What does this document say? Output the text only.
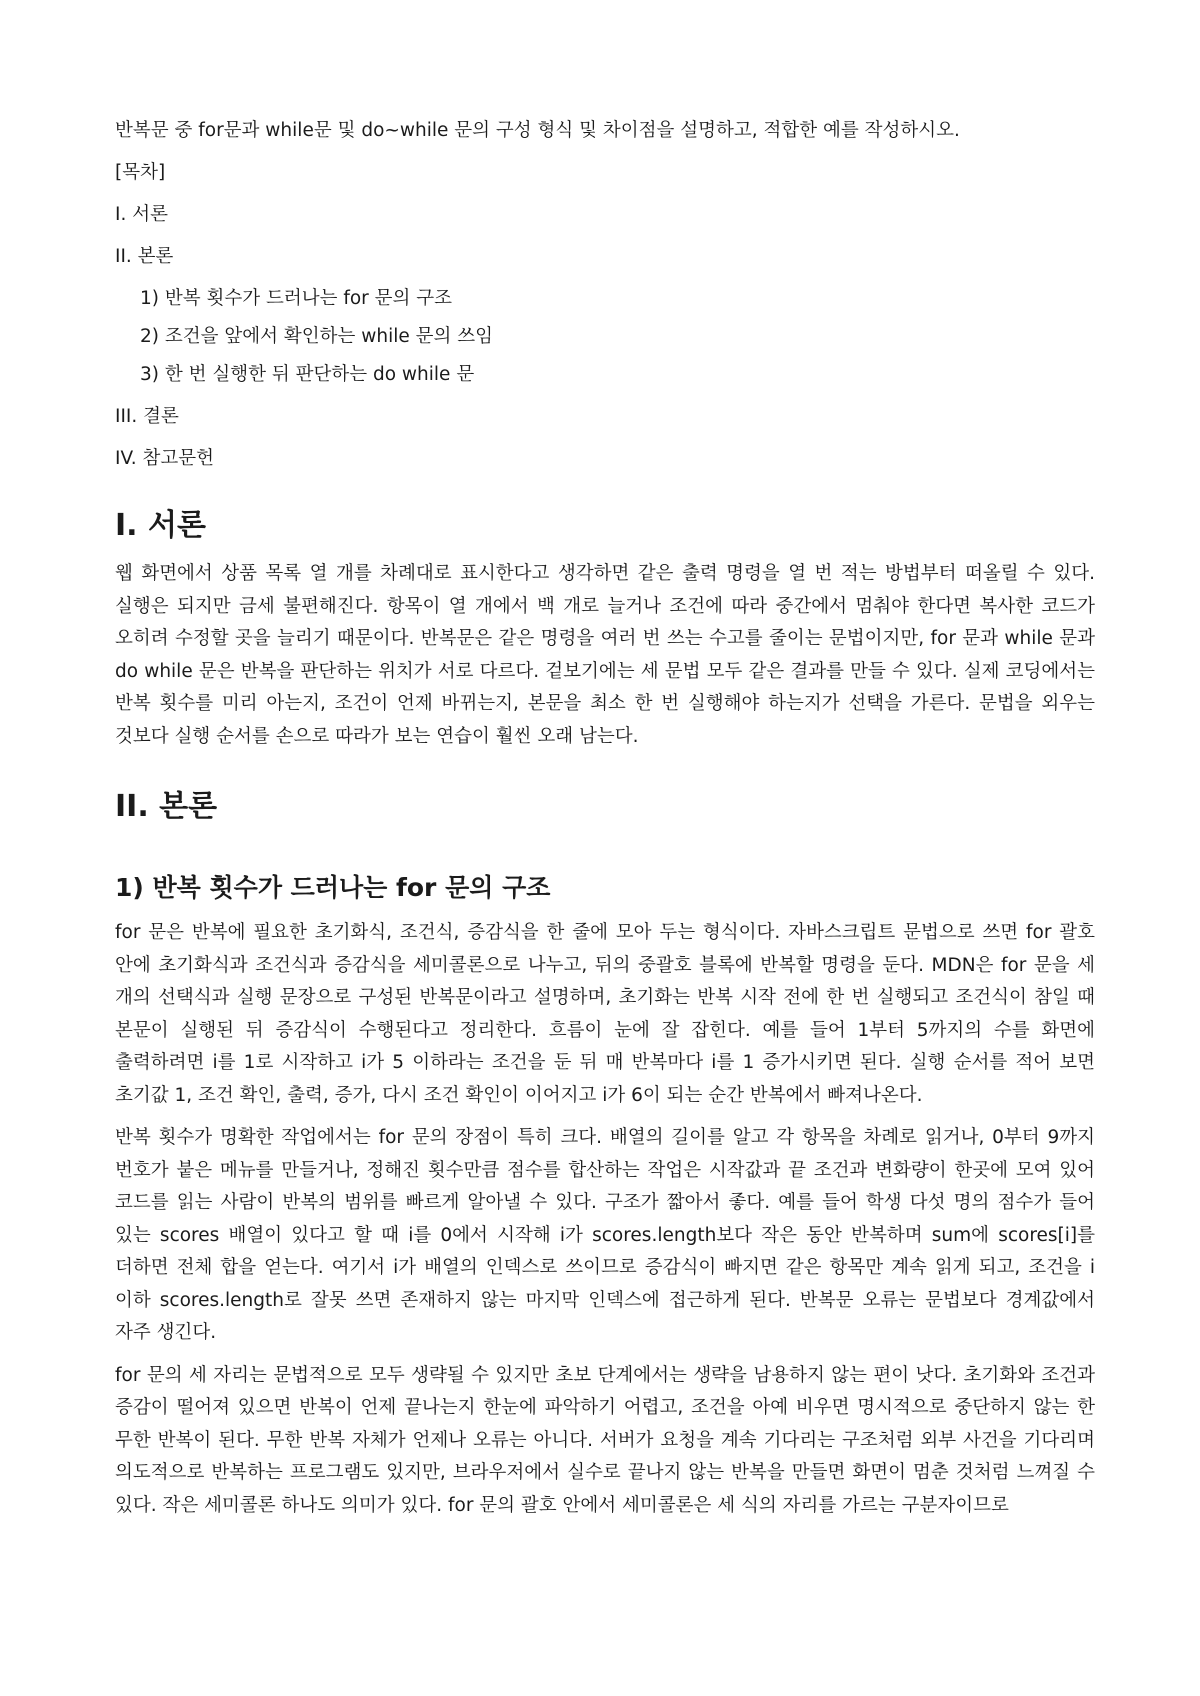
반복문 중 for문과 while문 및 do~while 문의 구성 형식 및 차이점을 설명하고, 적합한 예를 작성하시오.

[목차]

I. 서론

II. 본론

1) 반복 횟수가 드러나는 for 문의 구조

2) 조건을 앞에서 확인하는 while 문의 쓰임

3) 한 번 실행한 뒤 판단하는 do while 문

III. 결론

IV. 참고문헌

I. 서론

웹 화면에서 상품 목록 열 개를 차례대로 표시한다고 생각하면 같은 출력 명령을 열 번 적는 방법부터 떠올릴 수 있다. 실행은 되지만 금세 불편해진다. 항목이 열 개에서 백 개로 늘거나 조건에 따라 중간에서 멈춰야 한다면 복사한 코드가 오히려 수정할 곳을 늘리기 때문이다. 반복문은 같은 명령을 여러 번 쓰는 수고를 줄이는 문법이지만, for 문과 while 문과 do while 문은 반복을 판단하는 위치가 서로 다르다. 겉보기에는 세 문법 모두 같은 결과를 만들 수 있다. 실제 코딩에서는 반복 횟수를 미리 아는지, 조건이 언제 바뀌는지, 본문을 최소 한 번 실행해야 하는지가 선택을 가른다. 문법을 외우는 것보다 실행 순서를 손으로 따라가 보는 연습이 훨씬 오래 남는다.

II. 본론
1) 반복 횟수가 드러나는 for 문의 구조

for 문은 반복에 필요한 초기화식, 조건식, 증감식을 한 줄에 모아 두는 형식이다. 자바스크립트 문법으로 쓰면 for 괄호 안에 초기화식과 조건식과 증감식을 세미콜론으로 나누고, 뒤의 중괄호 블록에 반복할 명령을 둔다. MDN은 for 문을 세 개의 선택식과 실행 문장으로 구성된 반복문이라고 설명하며, 초기화는 반복 시작 전에 한 번 실행되고 조건식이 참일 때 본문이 실행된 뒤 증감식이 수행된다고 정리한다. 흐름이 눈에 잘 잡힌다. 예를 들어 1부터 5까지의 수를 화면에 출력하려면 i를 1로 시작하고 i가 5 이하라는 조건을 둔 뒤 매 반복마다 i를 1 증가시키면 된다. 실행 순서를 적어 보면 초기값 1, 조건 확인, 출력, 증가, 다시 조건 확인이 이어지고 i가 6이 되는 순간 반복에서 빠져나온다.

반복 횟수가 명확한 작업에서는 for 문의 장점이 특히 크다. 배열의 길이를 알고 각 항목을 차례로 읽거나, 0부터 9까지 번호가 붙은 메뉴를 만들거나, 정해진 횟수만큼 점수를 합산하는 작업은 시작값과 끝 조건과 변화량이 한곳에 모여 있어 코드를 읽는 사람이 반복의 범위를 빠르게 알아낼 수 있다. 구조가 짧아서 좋다. 예를 들어 학생 다섯 명의 점수가 들어 있는 scores 배열이 있다고 할 때 i를 0에서 시작해 i가 scores.length보다 작은 동안 반복하며 sum에 scores[i]를 더하면 전체 합을 얻는다. 여기서 i가 배열의 인덱스로 쓰이므로 증감식이 빠지면 같은 항목만 계속 읽게 되고, 조건을 i 이하 scores.length로 잘못 쓰면 존재하지 않는 마지막 인덱스에 접근하게 된다. 반복문 오류는 문법보다 경계값에서 자주 생긴다.

for 문의 세 자리는 문법적으로 모두 생략될 수 있지만 초보 단계에서는 생략을 남용하지 않는 편이 낫다. 초기화와 조건과 증감이 떨어져 있으면 반복이 언제 끝나는지 한눈에 파악하기 어렵고, 조건을 아예 비우면 명시적으로 중단하지 않는 한 무한 반복이 된다. 무한 반복 자체가 언제나 오류는 아니다. 서버가 요청을 계속 기다리는 구조처럼 외부 사건을 기다리며 의도적으로 반복하는 프로그램도 있지만, 브라우저에서 실수로 끝나지 않는 반복을 만들면 화면이 멈춘 것처럼 느껴질 수 있다. 작은 세미콜론 하나도 의미가 있다. for 문의 괄호 안에서 세미콜론은 세 식의 자리를 가르는 구분자이므로
